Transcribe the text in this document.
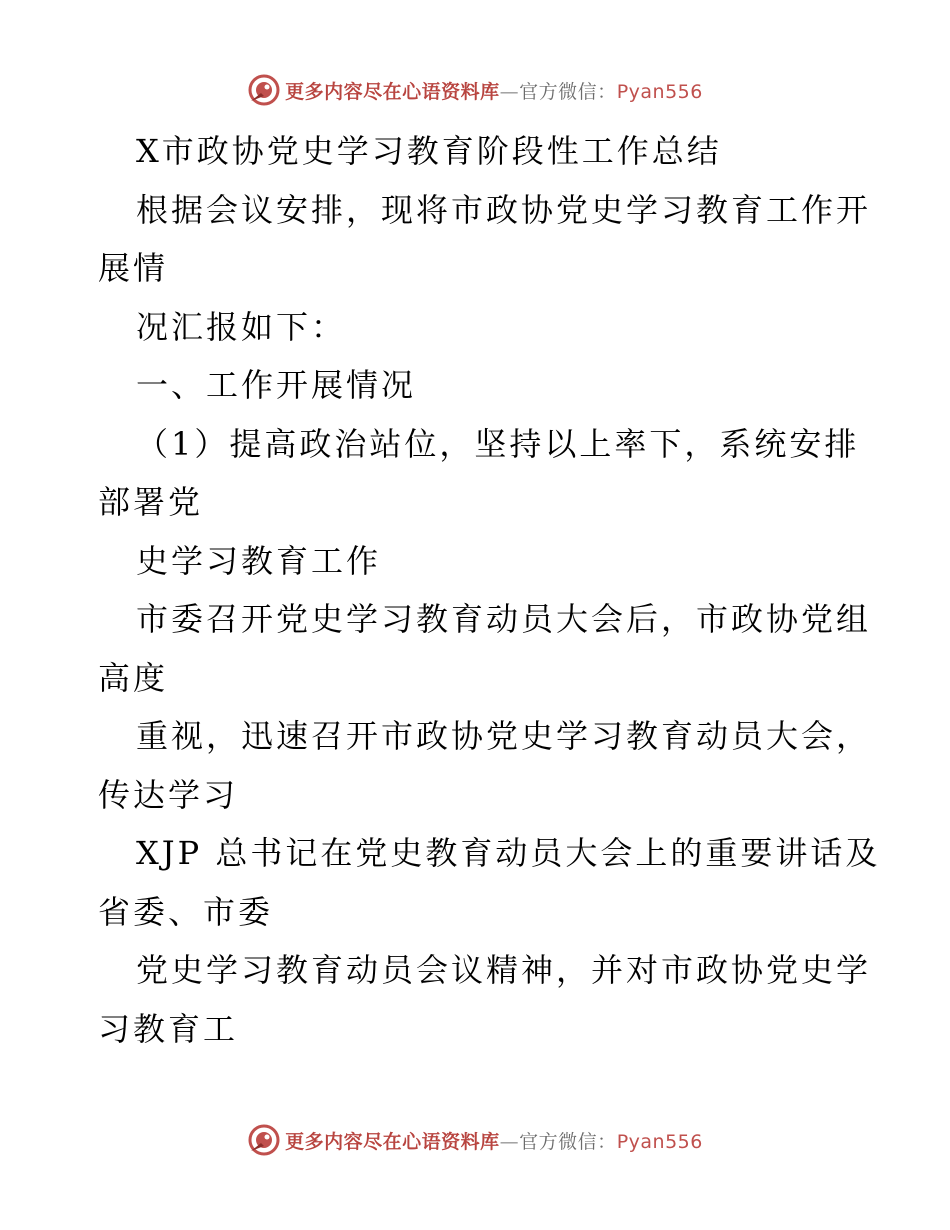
更多内容尽在心语资料库—官方微信：Pyan556

X市政协党史学习教育阶段性工作总结

根据会议安排，现将市政协党史学习教育工作开

展情

况汇报如下：

一、工作开展情况

（1）提高政治站位，坚持以上率下，系统安排

部署党

史学习教育工作

市委召开党史学习教育动员大会后，市政协党组

高度

重视，迅速召开市政协党史学习教育动员大会，

传达学习

XJP 总书记在党史教育动员大会上的重要讲话及

省委、市委

党史学习教育动员会议精神，并对市政协党史学

习教育工

更多内容尽在心语资料库—官方微信：Pyan556
